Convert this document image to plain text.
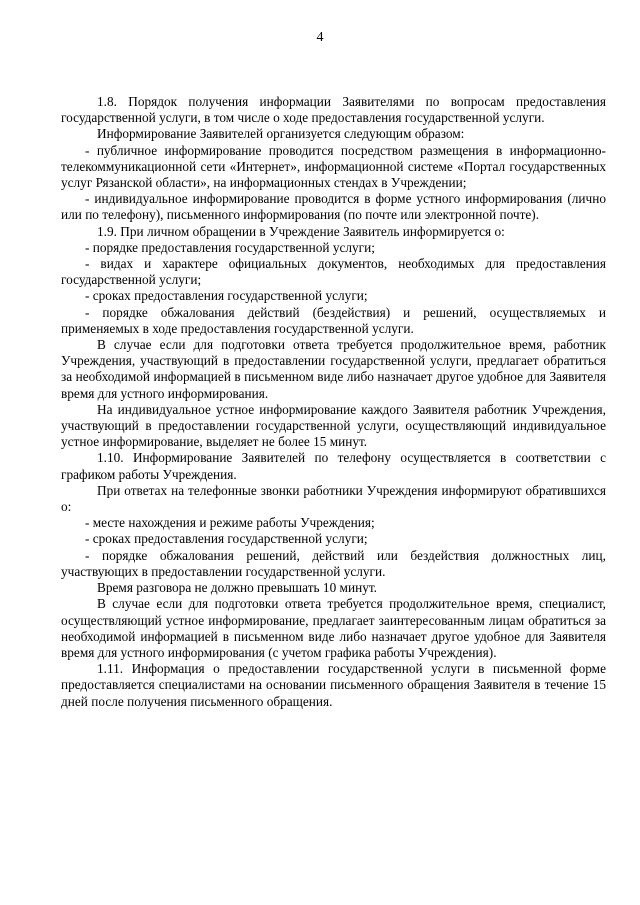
4

1.8. Порядок получения информации Заявителями по вопросам предоставления государственной услуги, в том числе о ходе предоставления государственной услуги.

Информирование Заявителей организуется следующим образом:

- публичное информирование проводится посредством размещения в информационно-телекоммуникационной сети «Интернет», информационной системе «Портал государственных услуг Рязанской области», на информационных стендах в Учреждении;

- индивидуальное информирование проводится в форме устного информирования (лично или по телефону), письменного информирования (по почте или электронной почте).

1.9. При личном обращении в Учреждение Заявитель информируется о:

- порядке предоставления государственной услуги;

- видах и характере официальных документов, необходимых для предоставления государственной услуги;

- сроках предоставления государственной услуги;

- порядке обжалования действий (бездействия) и решений, осуществляемых и применяемых в ходе предоставления государственной услуги.

В случае если для подготовки ответа требуется продолжительное время, работник Учреждения, участвующий в предоставлении государственной услуги, предлагает обратиться за необходимой информацией в письменном виде либо назначает другое удобное для Заявителя время для устного информирования.

На индивидуальное устное информирование каждого Заявителя работник Учреждения, участвующий в предоставлении государственной услуги, осуществляющий индивидуальное устное информирование, выделяет не более 15 минут.

1.10. Информирование Заявителей по телефону осуществляется в соответствии с графиком работы Учреждения.

При ответах на телефонные звонки работники Учреждения информируют обратившихся о:

- месте нахождения и режиме работы Учреждения;

- сроках предоставления государственной услуги;

- порядке обжалования решений, действий или бездействия должностных лиц, участвующих в предоставлении государственной услуги.

Время разговора не должно превышать 10 минут.

В случае если для подготовки ответа требуется продолжительное время, специалист, осуществляющий устное информирование, предлагает заинтересованным лицам обратиться за необходимой информацией в письменном виде либо назначает другое удобное для Заявителя время для устного информирования (с учетом графика работы Учреждения).

1.11. Информация о предоставлении государственной услуги в письменной форме предоставляется специалистами на основании письменного обращения Заявителя в течение 15 дней после получения письменного обращения.
